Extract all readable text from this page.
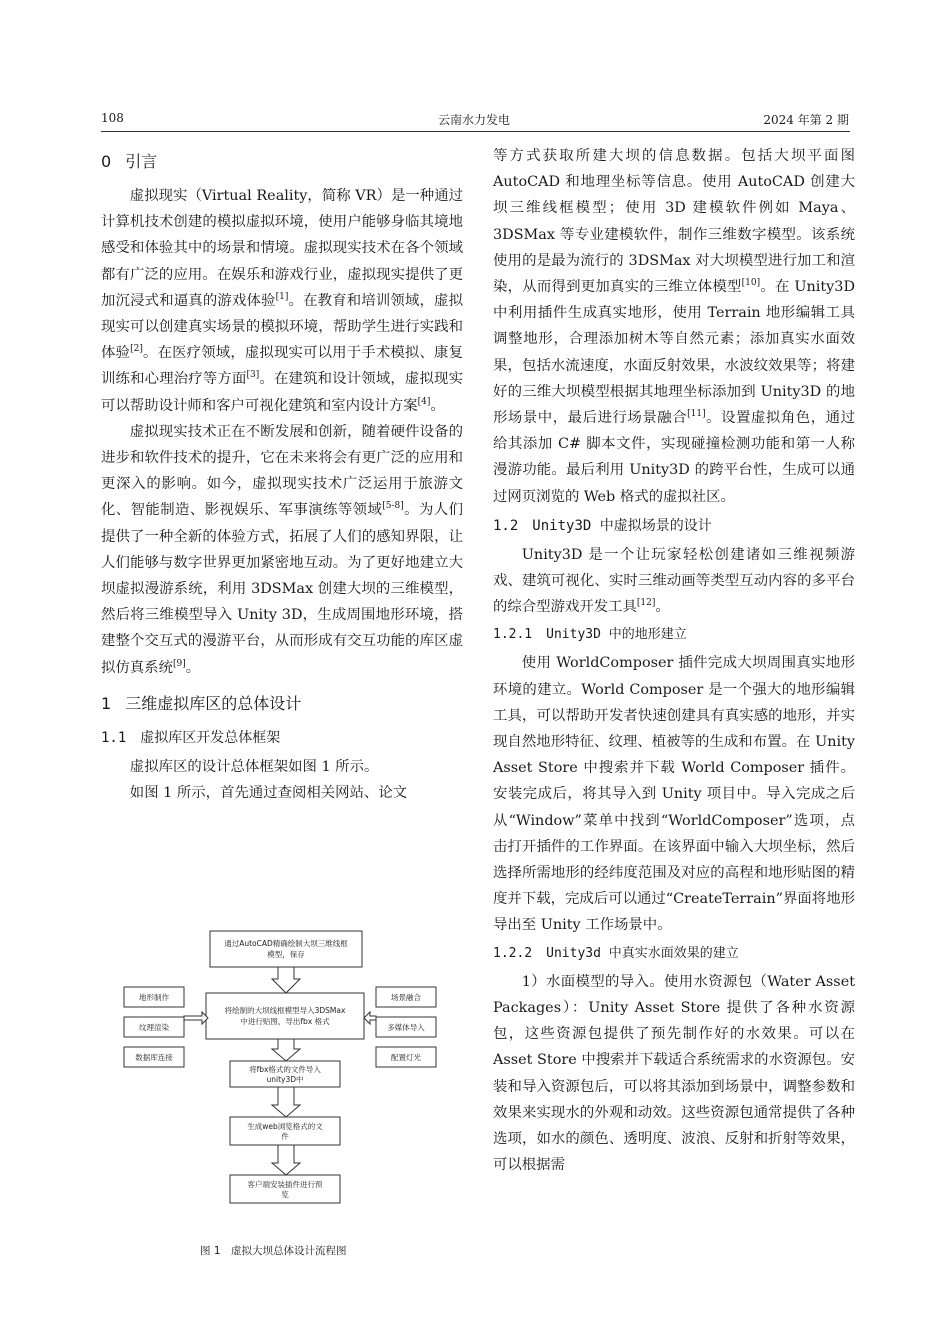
108	云南水力发电	2024 年第 2 期
0 引言

虚拟现实（Virtual Reality，简称 VR）是一种通过计算机技术创建的模拟虚拟环境，使用户能够身临其境地感受和体验其中的场景和情境。虚拟现实技术在各个领域都有广泛的应用。在娱乐和游戏行业，虚拟现实提供了更加沉浸式和逼真的游戏体验[1]。在教育和培训领域，虚拟现实可以创建真实场景的模拟环境，帮助学生进行实践和体验[2]。在医疗领域，虚拟现实可以用于手术模拟、康复训练和心理治疗等方面[3]。在建筑和设计领域，虚拟现实可以帮助设计师和客户可视化建筑和室内设计方案[4]。

虚拟现实技术正在不断发展和创新，随着硬件设备的进步和软件技术的提升，它在未来将会有更广泛的应用和更深入的影响。如今，虚拟现实技术广泛运用于旅游文化、智能制造、影视娱乐、军事演练等领域[5-8]。为人们提供了一种全新的体验方式，拓展了人们的感知界限，让人们能够与数字世界更加紧密地互动。为了更好地建立大坝虚拟漫游系统，利用 3DSMax 创建大坝的三维模型，然后将三维模型导入 Unity 3D，生成周围地形环境，搭建整个交互式的漫游平台，从而形成有交互功能的库区虚拟仿真系统[9]。

1 三维虚拟库区的总体设计
1.1 虚拟库区开发总体框架

虚拟库区的设计总体框架如图 1 所示。

如图 1 所示，首先通过查阅相关网站、论文

通过AutoCAD精确绘制大坝三维线框模型，保存
将绘制的大坝线框模型导入3DSMax 中进行贴图，导出fbx 格式
地形制作
纹理渲染
数据库连接
场景融合
多媒体导入
配置灯光
将fbx格式的文件导入 unity3D中
生成web浏览格式的文件
客户端安装插件进行预览
图 1　虚拟大坝总体设计流程图

等方式获取所建大坝的信息数据。包括大坝平面图 AutoCAD 和地理坐标等信息。使用 AutoCAD 创建大坝三维线框模型；使用 3D 建模软件例如 Maya、3DSMax 等专业建模软件，制作三维数字模型。该系统使用的是最为流行的 3DSMax 对大坝模型进行加工和渲染，从而得到更加真实的三维立体模型[10]。在 Unity3D 中利用插件生成真实地形，使用 Terrain 地形编辑工具调整地形，合理添加树木等自然元素；添加真实水面效果，包括水流速度，水面反射效果，水波纹效果等；将建好的三维大坝模型根据其地理坐标添加到 Unity3D 的地形场景中，最后进行场景融合[11]。设置虚拟角色，通过给其添加 C# 脚本文件，实现碰撞检测功能和第一人称漫游功能。最后利用 Unity3D 的跨平台性，生成可以通过网页浏览的 Web 格式的虚拟社区。

1.2 Unity3D 中虚拟场景的设计

Unity3D 是一个让玩家轻松创建诸如三维视频游戏、建筑可视化、实时三维动画等类型互动内容的多平台的综合型游戏开发工具[12]。

1.2.1 Unity3D 中的地形建立

使用 WorldComposer 插件完成大坝周围真实地形环境的建立。World Composer 是一个强大的地形编辑工具，可以帮助开发者快速创建具有真实感的地形，并实现自然地形特征、纹理、植被等的生成和布置。在 Unity Asset Store 中搜索并下载 World Composer 插件。安装完成后，将其导入到 Unity 项目中。导入完成之后从“Window”菜单中找到“WorldComposer”选项，点击打开插件的工作界面。在该界面中输入大坝坐标，然后选择所需地形的经纬度范围及对应的高程和地形贴图的精度并下载，完成后可以通过“CreateTerrain”界面将地形导出至 Unity 工作场景中。

1.2.2 Unity3d 中真实水面效果的建立

1）水面模型的导入。使用水资源包（Water Asset Packages）：Unity Asset Store 提供了各种水资源包，这些资源包提供了预先制作好的水效果。可以在 Asset Store 中搜索并下载适合系统需求的水资源包。安装和导入资源包后，可以将其添加到场景中，调整参数和效果来实现水的外观和动效。这些资源包通常提供了各种选项，如水的颜色、透明度、波浪、反射和折射等效果，可以根据需
